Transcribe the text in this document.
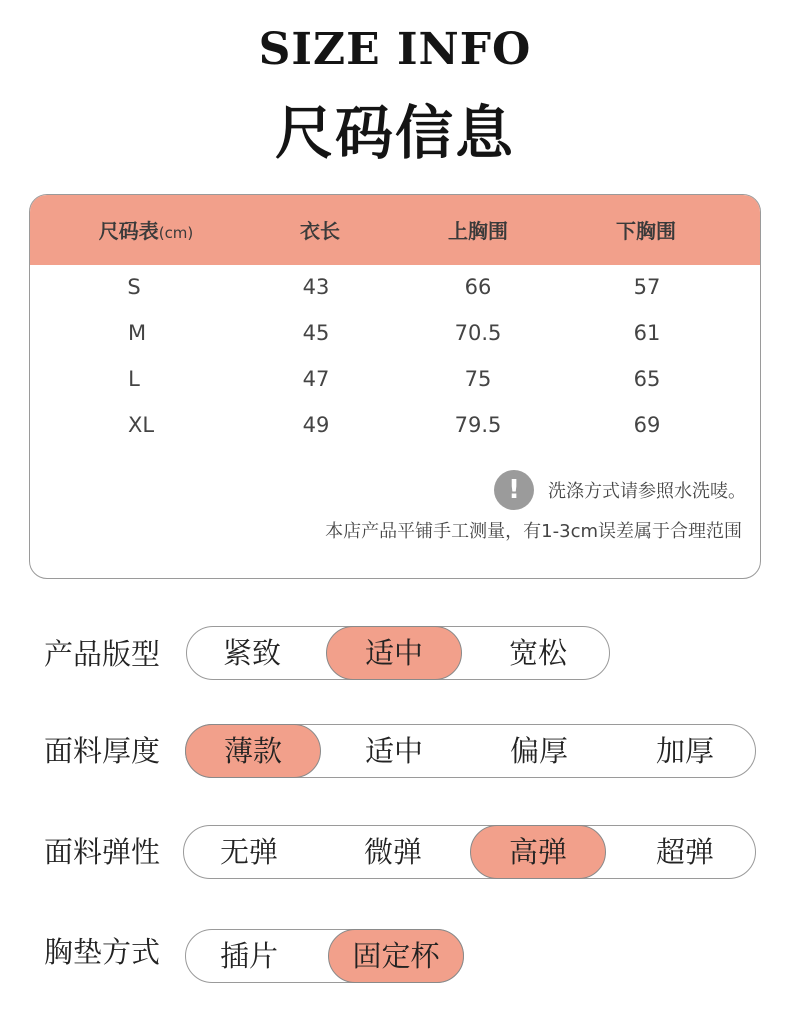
SIZE INFO
尺码信息
尺码表(cm)	衣长	上胸围	下胸围
S	43	66	57
M	45	70.5	61
L	47	75	65
XL	49	79.5	69
!	洗涤方式请参照水洗唛。
本店产品平铺手工测量，有1-3cm误差属于合理范围
产品版型	紧致	适中	宽松
面料厚度	薄款	适中	偏厚	加厚
面料弹性	无弹	微弹	高弹	超弹
胸垫方式	插片	固定杯
